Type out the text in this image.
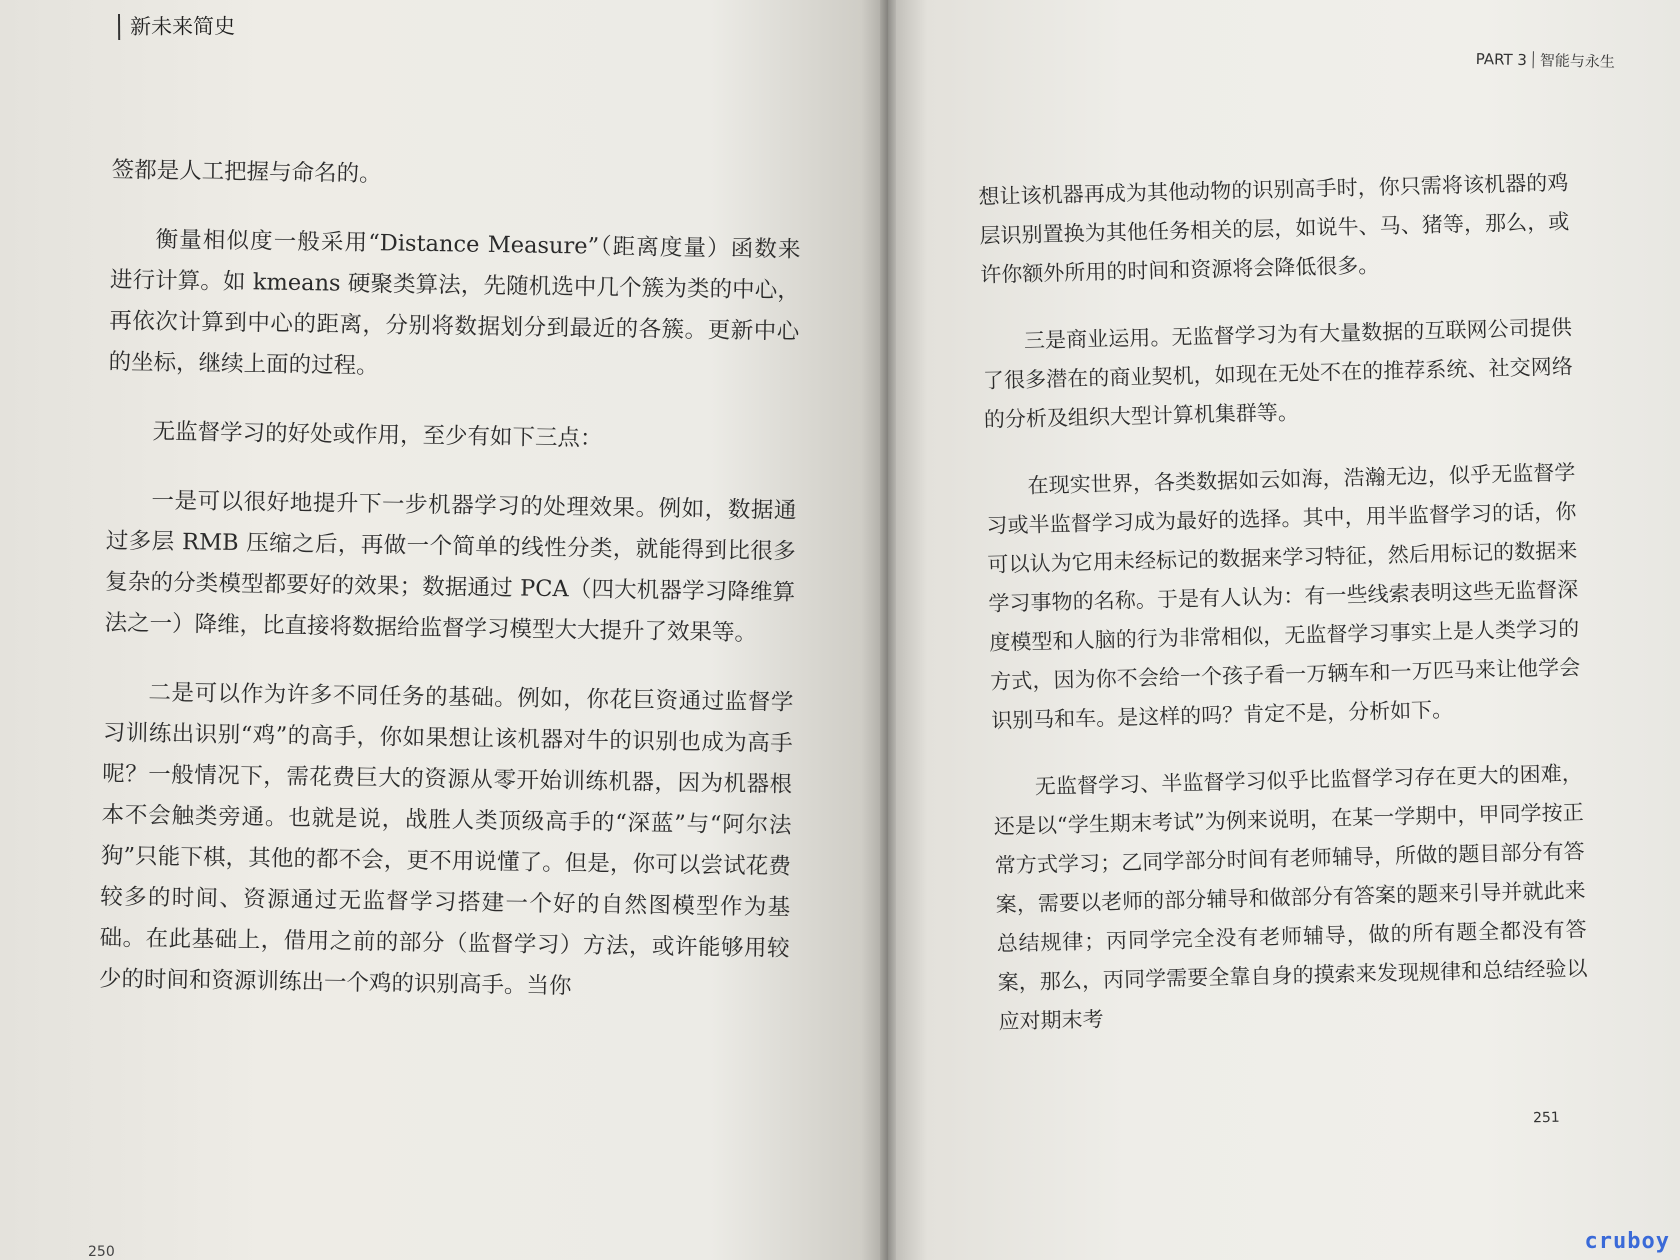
新未来简史

签都是人工把握与命名的。

衡量相似度一般采用“Distance Measure”（距离度量）函数来进行计算。如 kmeans 硬聚类算法，先随机选中几个簇为类的中心，再依次计算到中心的距离，分别将数据划分到最近的各簇。更新中心的坐标，继续上面的过程。

无监督学习的好处或作用，至少有如下三点：

一是可以很好地提升下一步机器学习的处理效果。例如，数据通过多层 RMB 压缩之后，再做一个简单的线性分类，就能得到比很多复杂的分类模型都要好的效果；数据通过 PCA（四大机器学习降维算法之一）降维，比直接将数据给监督学习模型大大提升了效果等。

二是可以作为许多不同任务的基础。例如，你花巨资通过监督学习训练出识别“鸡”的高手，你如果想让该机器对牛的识别也成为高手呢？一般情况下，需花费巨大的资源从零开始训练机器，因为机器根本不会触类旁通。也就是说，战胜人类顶级高手的“深蓝”与“阿尔法狗”只能下棋，其他的都不会，更不用说懂了。但是，你可以尝试花费较多的时间、资源通过无监督学习搭建一个好的自然图模型作为基础。在此基础上，借用之前的部分（监督学习）方法，或许能够用较少的时间和资源训练出一个鸡的识别高手。当你

250
PART 3 智能与永生

想让该机器再成为其他动物的识别高手时，你只需将该机器的鸡层识别置换为其他任务相关的层，如说牛、马、猪等，那么，或许你额外所用的时间和资源将会降低很多。

三是商业运用。无监督学习为有大量数据的互联网公司提供了很多潜在的商业契机，如现在无处不在的推荐系统、社交网络的分析及组织大型计算机集群等。

在现实世界，各类数据如云如海，浩瀚无边，似乎无监督学习或半监督学习成为最好的选择。其中，用半监督学习的话，你可以认为它用未经标记的数据来学习特征，然后用标记的数据来学习事物的名称。于是有人认为：有一些线索表明这些无监督深度模型和人脑的行为非常相似，无监督学习事实上是人类学习的方式，因为你不会给一个孩子看一万辆车和一万匹马来让他学会识别马和车。是这样的吗？肯定不是，分析如下。

无监督学习、半监督学习似乎比监督学习存在更大的困难，还是以“学生期末考试”为例来说明，在某一学期中，甲同学按正常方式学习；乙同学部分时间有老师辅导，所做的题目部分有答案，需要以老师的部分辅导和做部分有答案的题来引导并就此来总结规律；丙同学完全没有老师辅导，做的所有题全都没有答案，那么，丙同学需要全靠自身的摸索来发现规律和总结经验以应对期末考

251
cruboy
